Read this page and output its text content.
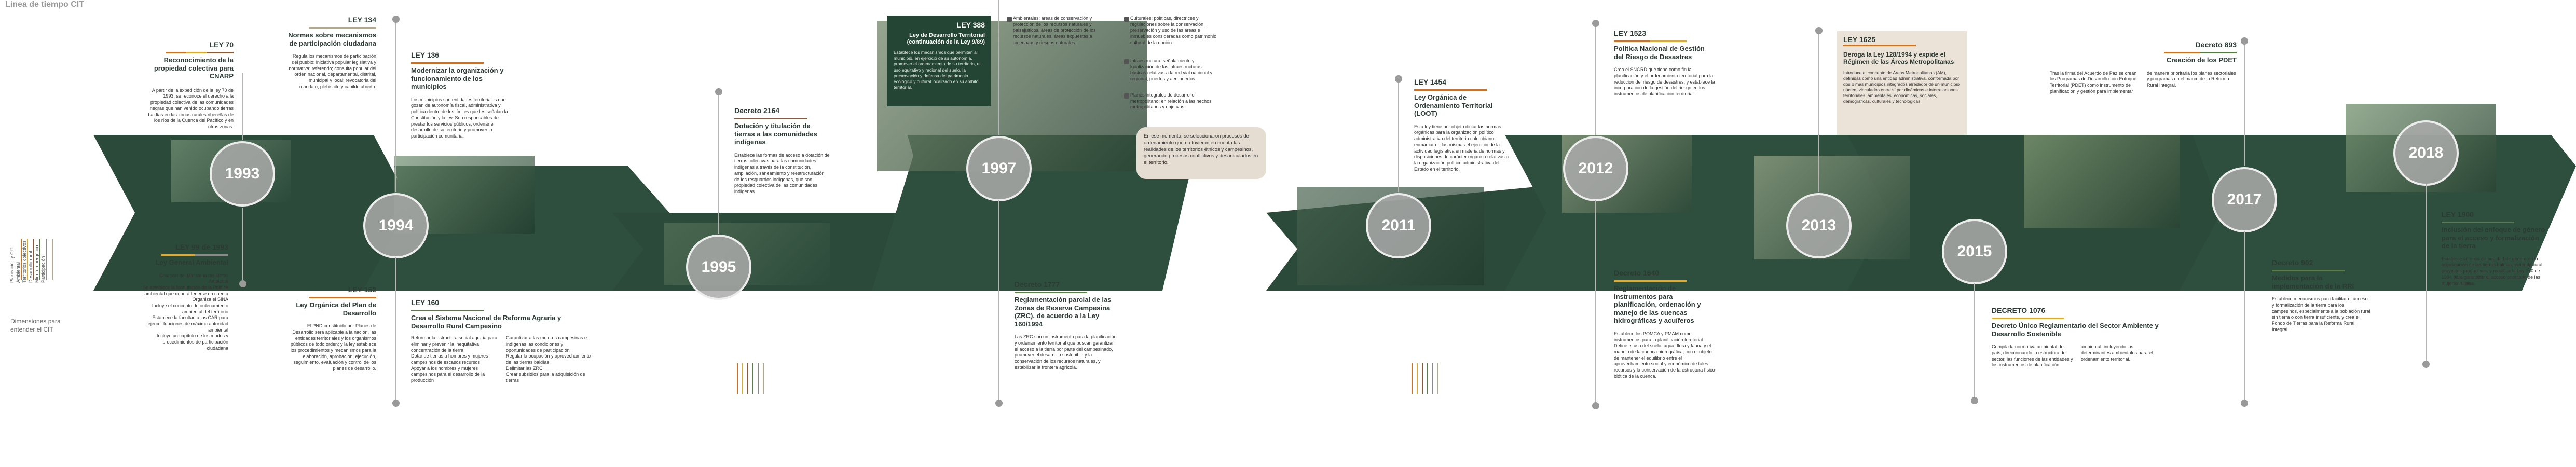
Línea de tiempo CIT
1993
1994
1995
1997
2011
2012
2013
2015
2017
2018
Planeación y CIT Ambiental Territorios colectivos Desarrollo rural Minero-energético Participación
Dimensiones para entender el CIT
LEY 70
Reconocimiento de la propiedad colectiva para CNARP
A partir de la expedición de la ley 70 de 1993, se reconoce el derecho a la propiedad colectiva de las comunidades negras que han venido ocupando tierras baldías en las zonas rurales ribereñas de los ríos de la Cuenca del Pacífico y en otras zonas.
LEY 99 de 1993
Ley General Ambiental
Creación del Ministerio del Medio Ambiente
Se establece la formulación de la Política ambiental que deberá tenerse en cuenta
Organiza el SINA
Incluye el concepto de ordenamiento ambiental del territorio
Establece la facultad a las CAR para ejercer funciones de máxima autoridad ambiental
Incluye un capítulo de los modos y procedimientos de participación ciudadana
LEY 134
Normas sobre mecanismos de participación ciudadana
Regula los mecanismos de participación del pueblo: iniciativa popular legislativa y normativa; referendo; consulta popular del orden nacional, departamental, distrital, municipal y local; revocatoria del mandato; plebiscito y cabildo abierto.
LEY 136
Modernizar la organización y funcionamiento de los municipios
Los municipios son entidades territoriales que gozan de autonomía fiscal, administrativa y política dentro de los límites que les señalan la Constitución y la ley. Son responsables de prestar los servicios públicos, ordenar el desarrollo de su territorio y promover la participación comunitaria.
LEY 152
Ley Orgánica del Plan de Desarrollo
El PND constituido por Planes de Desarrollo será aplicable a la nación, las entidades territoriales y los organismos públicos de todo orden; y la ley establece los procedimientos y mecanismos para la elaboración, aprobación, ejecución, seguimiento, evaluación y control de los planes de desarrollo.
LEY 160
Crea el Sistema Nacional de Reforma Agraria y Desarrollo Rural Campesino
Reformar la estructura social agraria para eliminar y prevenir la inequitativa concentración de la tierra
Dotar de tierras a hombres y mujeres campesinos de escasos recursos
Apoyar a los hombres y mujeres campesinos para el desarrollo de la producción
Garantizar a las mujeres campesinas e indígenas las condiciones y oportunidades de participación
Regular la ocupación y aprovechamiento de las tierras baldías
Delimitar las ZRC
Crear subsidios para la adquisición de tierras
Decreto 2164
Dotación y titulación de tierras a las comunidades indígenas
Establece las formas de acceso a dotación de tierras colectivas para las comunidades indígenas a través de la constitución, ampliación, saneamiento y reestructuración de los resguardos indígenas, que son propiedad colectiva de las comunidades indígenas.
LEY 388
Ley de Desarrollo Territorial (continuación de la Ley 9/89)
Establece los mecanismos que permitan al municipio, en ejercicio de su autonomía, promover el ordenamiento de su territorio, el uso equitativo y racional del suelo, la preservación y defensa del patrimonio ecológico y cultural localizado en su ámbito territorial.
Ambientales: áreas de conservación y protección de los recursos naturales y paisajísticos, áreas de protección de los recursos naturales, áreas expuestas a amenazas y riesgos naturales.
Culturales: políticas, directrices y regulaciones sobre la conservación, preservación y uso de las áreas e inmuebles consideradas como patrimonio cultural de la nación.
Infraestructura: señalamiento y localización de las infraestructuras básicas relativas a la red vial nacional y regional, puertos y aeropuertos.
Planes integrales de desarrollo metropolitano: en relación a las hechos metropolitanos y objetivos.
En ese momento, se seleccionaron procesos de ordenamiento que no tuvieron en cuenta las realidades de los territorios étnicos y campesinos, generando procesos conflictivos y desarticulados en el territorio.
Decreto 1777
Reglamentación parcial de las Zonas de Reserva Campesina (ZRC), de acuerdo a la Ley 160/1994
Las ZRC son un instrumento para la planificación y ordenamiento territorial que buscan garantizar el acceso a la tierra por parte del campesinado, promover el desarrollo sostenible y la conservación de los recursos naturales, y estabilizar la frontera agrícola.
LEY 1454
Ley Orgánica de Ordenamiento Territorial (LOOT)
Esta ley tiene por objeto dictar las normas orgánicas para la organización político administrativa del territorio colombiano; enmarcar en las mismas el ejercicio de la actividad legislativa en materia de normas y disposiciones de carácter orgánico relativas a la organización político administrativa del Estado en el territorio.
LEY 1523
Política Nacional de Gestión del Riesgo de Desastres
Crea el SNGRD que tiene como fin la planificación y el ordenamiento territorial para la reducción del riesgo de desastres, y establece la incorporación de la gestión del riesgo en los instrumentos de planificación territorial.
Decreto 1640
Reglamentación de instrumentos para planificación, ordenación y manejo de las cuencas hidrográficas y acuíferos
Establece los POMCA y PMAM como instrumentos para la planificación territorial. Define el uso del suelo, agua, flora y fauna y el manejo de la cuenca hidrográfica, con el objeto de mantener el equilibrio entre el aprovechamiento social y económico de tales recursos y la conservación de la estructura físico-biótica de la cuenca.
LEY 1625
Deroga la Ley 128/1994 y expide el Régimen de las Áreas Metropolitanas
Introduce el concepto de Áreas Metropolitanas (AM), definidas como una entidad administrativa, conformada por dos o más municipios integrados alrededor de un municipio núcleo, vinculados entre sí por dinámicas e interrelaciones territoriales, ambientales, económicas, sociales, demográficas, culturales y tecnológicas.
DECRETO 1076
Decreto Único Reglamentario del Sector Ambiente y Desarrollo Sostenible
Compila la normativa ambiental del país, direccionando la estructura del sector, las funciones de las entidades y los instrumentos de planificación ambiental, incluyendo las determinantes ambientales para el ordenamiento territorial.
Decreto 893
Creación de los PDET
Tras la firma del Acuerdo de Paz se crean los Programas de Desarrollo con Enfoque Territorial (PDET) como instrumento de planificación y gestión para implementar de manera prioritaria los planes sectoriales y programas en el marco de la Reforma Rural Integral.
Decreto 902
Medidas para la implementación de la RRI
Establece mecanismos para facilitar el acceso y formalización de la tierra para los campesinos, especialmente a la población rural sin tierra o con tierra insuficiente, y crea el Fondo de Tierras para la Reforma Rural Integral.
LEY 1900
Inclusión del enfoque de género para el acceso y formalización de la tierra
Establece criterios de equidad de género en la adjudicación de las tierras baldías, vivienda rural, proyectos productivos, y modifica la Ley 160 de 1994 para garantizar el acceso prioritario de las mujeres rurales.
